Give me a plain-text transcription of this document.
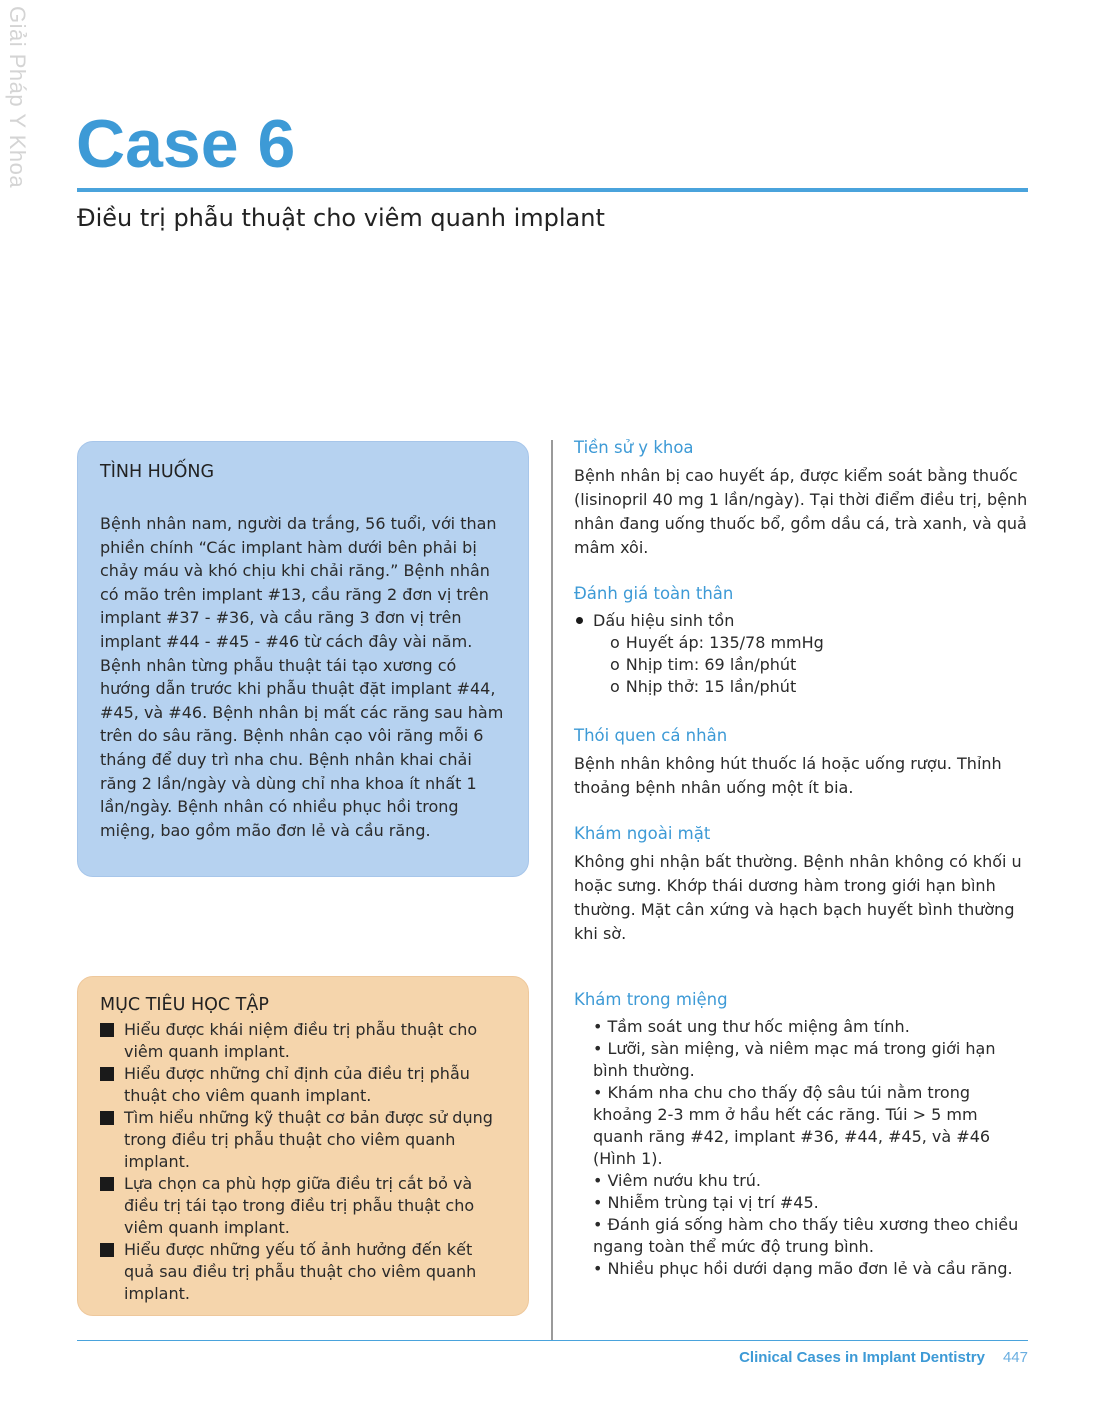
Giải Pháp Y Khoa Case 6
Điều trị phẫu thuật cho viêm quanh implant
TÌNH HUỐNG

Bệnh nhân nam, người da trắng, 56 tuổi, với than phiền chính “Các implant hàm dưới bên phải bị chảy máu và khó chịu khi chải răng.” Bệnh nhân có mão trên implant #13, cầu răng 2 đơn vị trên implant #37 - #36, và cầu răng 3 đơn vị trên implant #44 - #45 - #46 từ cách đây vài năm. Bệnh nhân từng phẫu thuật tái tạo xương có hướng dẫn trước khi phẫu thuật đặt implant #44, #45, và #46. Bệnh nhân bị mất các răng sau hàm trên do sâu răng. Bệnh nhân cạo vôi răng mỗi 6 tháng để duy trì nha chu. Bệnh nhân khai chải răng 2 lần/ngày và dùng chỉ nha khoa ít nhất 1 lần/ngày. Bệnh nhân có nhiều phục hồi trong miệng, bao gồm mão đơn lẻ và cầu răng.

MỤC TIÊU HỌC TẬP
Hiểu được khái niệm điều trị phẫu thuật cho viêm quanh implant.
Hiểu được những chỉ định của điều trị phẫu thuật cho viêm quanh implant.
Tìm hiểu những kỹ thuật cơ bản được sử dụng trong điều trị phẫu thuật cho viêm quanh implant.
Lựa chọn ca phù hợp giữa điều trị cắt bỏ và điều trị tái tạo trong điều trị phẫu thuật cho viêm quanh implant.
Hiểu được những yếu tố ảnh hưởng đến kết quả sau điều trị phẫu thuật cho viêm quanh implant.
Tiền sử y khoa

Bệnh nhân bị cao huyết áp, được kiểm soát bằng thuốc (lisinopril 40 mg 1 lần/ngày). Tại thời điểm điều trị, bệnh nhân đang uống thuốc bổ, gồm dầu cá, trà xanh, và quả mâm xôi.

Đánh giá toàn thân
Dấu hiệu sinh tồn
o Huyết áp: 135/78 mmHg
o Nhịp tim: 69 lần/phút
o Nhịp thở: 15 lần/phút
Thói quen cá nhân

Bệnh nhân không hút thuốc lá hoặc uống rượu. Thỉnh thoảng bệnh nhân uống một ít bia.

Khám ngoài mặt

Không ghi nhận bất thường. Bệnh nhân không có khối u hoặc sưng. Khớp thái dương hàm trong giới hạn bình thường. Mặt cân xứng và hạch bạch huyết bình thường khi sờ.

Khám trong miệng
• Tầm soát ung thư hốc miệng âm tính.
• Lưỡi, sàn miệng, và niêm mạc má trong giới hạn bình thường.
• Khám nha chu cho thấy độ sâu túi nằm trong khoảng 2-3 mm ở hầu hết các răng. Túi > 5 mm quanh răng #42, implant #36, #44, #45, và #46 (Hình 1).
• Viêm nướu khu trú.
• Nhiễm trùng tại vị trí #45.
• Đánh giá sống hàm cho thấy tiêu xương theo chiều ngang toàn thể mức độ trung bình.
• Nhiều phục hồi dưới dạng mão đơn lẻ và cầu răng.
Clinical Cases in Implant Dentistry 447
